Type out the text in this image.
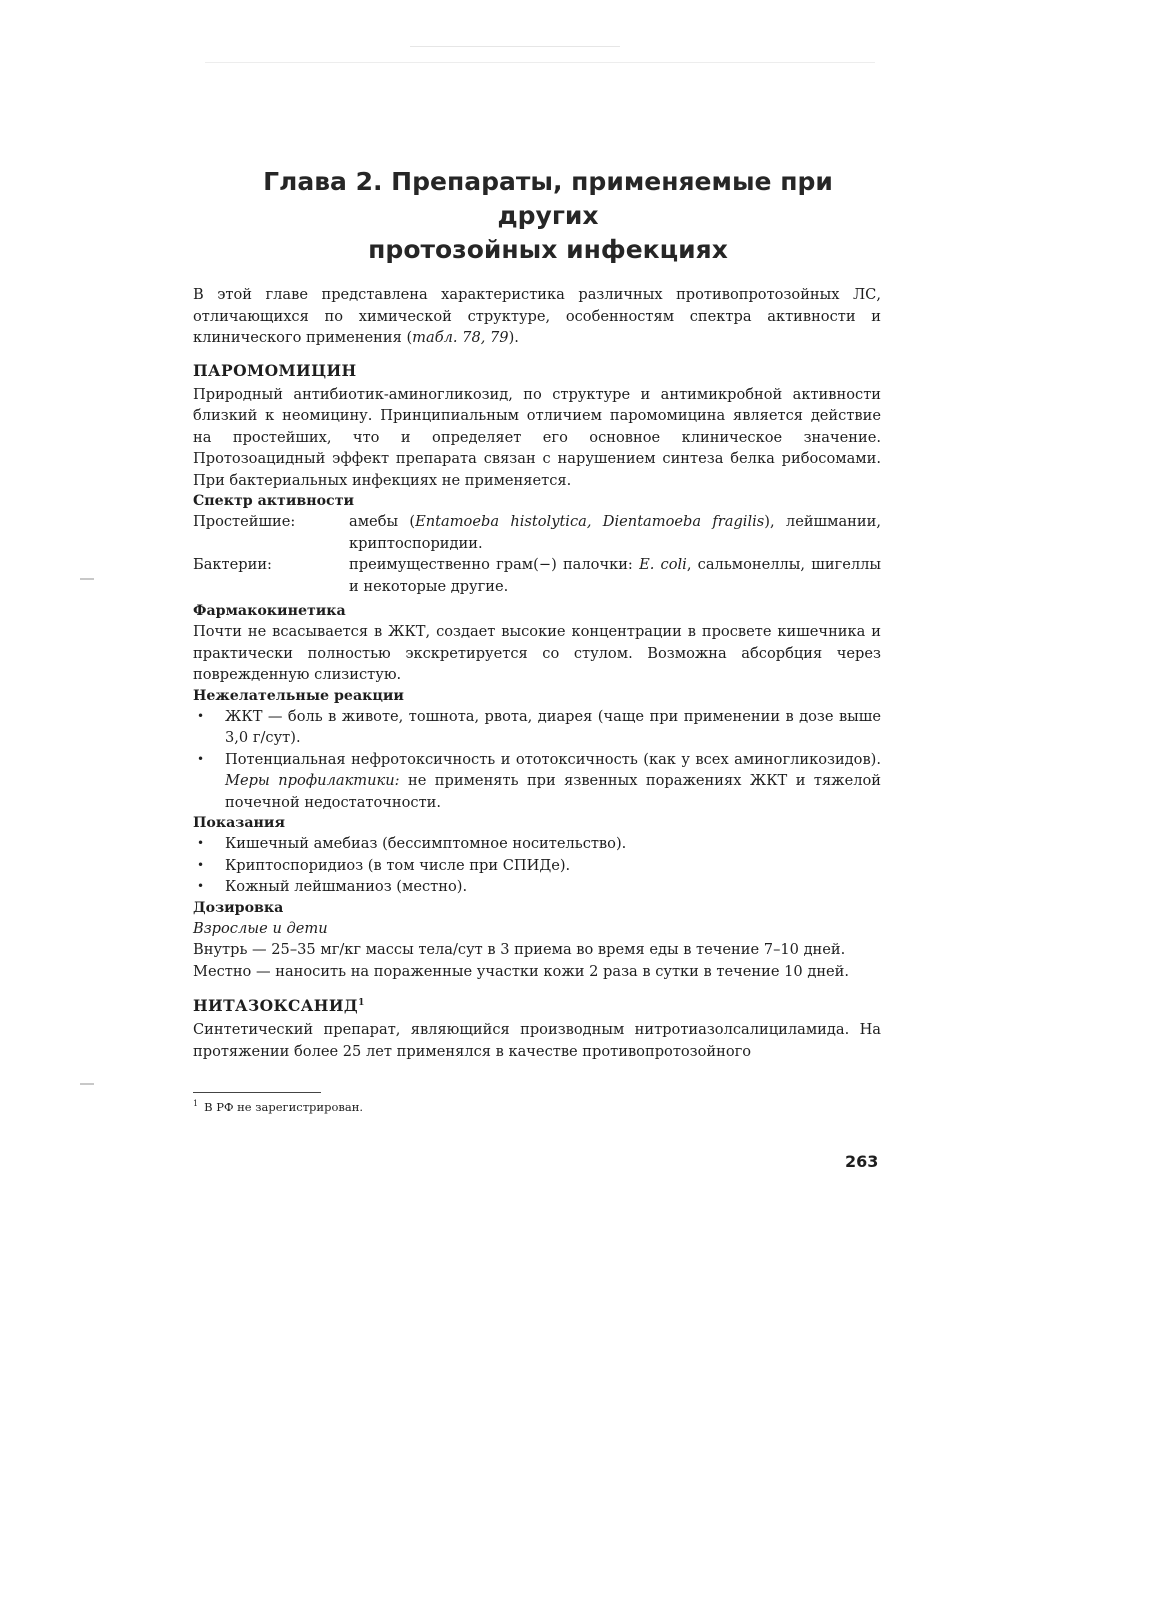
Глава 2. Препараты, применяемые при других
протозойных инфекциях

В этой главе представлена характеристика различных противопротозойных ЛС, отличающихся по химической структуре, особенностям спектра активности и клинического применения (табл. 78, 79).

ПАРОМОМИЦИН

Природный антибиотик-аминогликозид, по структуре и антимикробной активности близкий к неомицину. Принципиальным отличием паромомицина является действие на простейших, что и определяет его основное клиническое значение. Протозоацидный эффект препарата связан с нарушением синтеза белка рибосомами. При бактериальных инфекциях не применяется.

Спектр активности
Простейшие:	амебы (Entamoeba histolytica, Dientamoeba fragilis), лейшмании, криптоспоридии.
Бактерии:	преимущественно грам(−) палочки: E. coli, сальмонеллы, шигеллы и некоторые другие.
Фармакокинетика

Почти не всасывается в ЖКТ, создает высокие концентрации в просвете кишечника и практически полностью экскретируется со стулом. Возможна абсорбция через поврежденную слизистую.

Нежелательные реакции
• ЖКТ — боль в животе, тошнота, рвота, диарея (чаще при применении в дозе выше 3,0 г/сут).
• Потенциальная нефротоксичность и ототоксичность (как у всех аминогликозидов). Меры профилактики: не применять при язвенных поражениях ЖКТ и тяжелой почечной недостаточности.
Показания
• Кишечный амебиаз (бессимптомное носительство).
• Криптоспоридиоз (в том числе при СПИДе).
• Кожный лейшманиоз (местно).
Дозировка
Взрослые и дети

Внутрь — 25–35 мг/кг массы тела/сут в 3 приема во время еды в течение 7–10 дней.

Местно — наносить на пораженные участки кожи 2 раза в сутки в течение 10 дней.

НИТАЗОКСАНИД$^1$

Синтетический препарат, являющийся производным нитротиазолсалициламида. На протяжении более 25 лет применялся в качестве противопротозойного

$^1$ В РФ не зарегистрирован.
263
